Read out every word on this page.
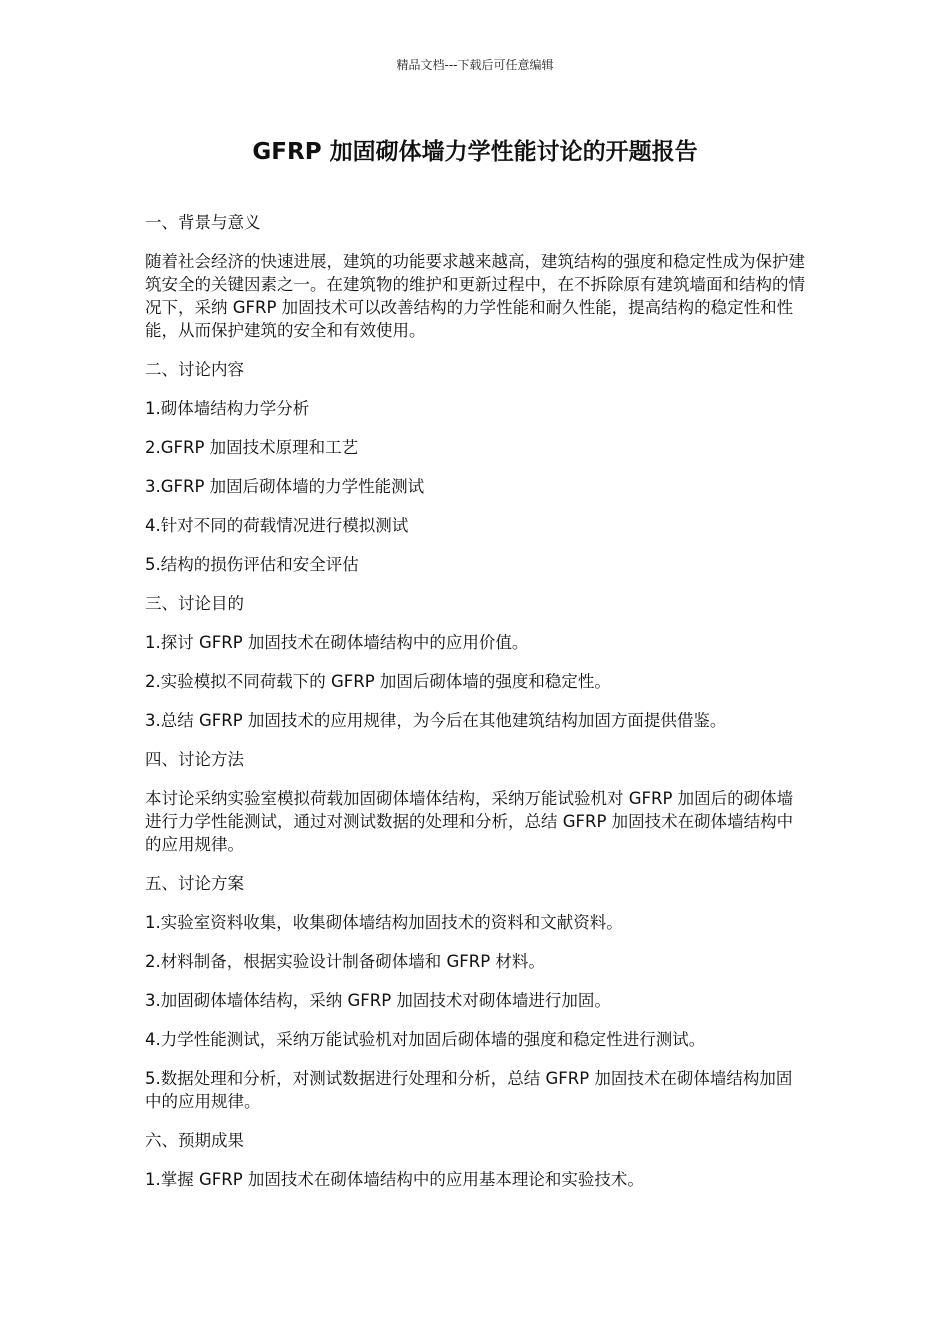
精品文档---下载后可任意编辑
GFRP 加固砌体墙力学性能讨论的开题报告

一、背景与意义

随着社会经济的快速进展，建筑的功能要求越来越高，建筑结构的强度和稳定性成为保护建筑安全的关键因素之一。在建筑物的维护和更新过程中，在不拆除原有建筑墙面和结构的情况下，采纳 GFRP 加固技术可以改善结构的力学性能和耐久性能，提高结构的稳定性和性能，从而保护建筑的安全和有效使用。

二、讨论内容

1.砌体墙结构力学分析

2.GFRP 加固技术原理和工艺

3.GFRP 加固后砌体墙的力学性能测试

4.针对不同的荷载情况进行模拟测试

5.结构的损伤评估和安全评估

三、讨论目的

1.探讨 GFRP 加固技术在砌体墙结构中的应用价值。

2.实验模拟不同荷载下的 GFRP 加固后砌体墙的强度和稳定性。

3.总结 GFRP 加固技术的应用规律，为今后在其他建筑结构加固方面提供借鉴。

四、讨论方法

本讨论采纳实验室模拟荷载加固砌体墙体结构，采纳万能试验机对 GFRP 加固后的砌体墙进行力学性能测试，通过对测试数据的处理和分析，总结 GFRP 加固技术在砌体墙结构中的应用规律。

五、讨论方案

1.实验室资料收集，收集砌体墙结构加固技术的资料和文献资料。

2.材料制备，根据实验设计制备砌体墙和 GFRP 材料。

3.加固砌体墙体结构，采纳 GFRP 加固技术对砌体墙进行加固。

4.力学性能测试，采纳万能试验机对加固后砌体墙的强度和稳定性进行测试。

5.数据处理和分析，对测试数据进行处理和分析，总结 GFRP 加固技术在砌体墙结构加固中的应用规律。

六、预期成果

1.掌握 GFRP 加固技术在砌体墙结构中的应用基本理论和实验技术。
